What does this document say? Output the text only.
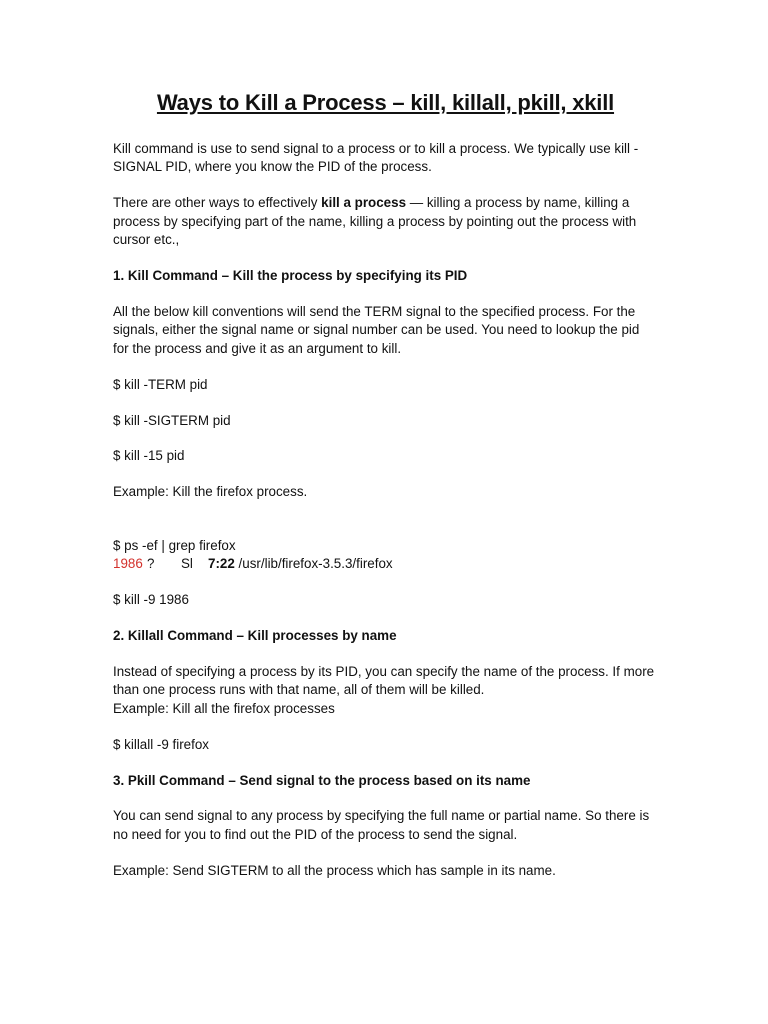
Ways to Kill a Process – kill, killall, pkill, xkill

Kill command is use to send signal to a process or to kill a process. We typically use kill -SIGNAL PID, where you know the PID of the process.

There are other ways to effectively kill a process — killing a process by name, killing a process by specifying part of the name, killing a process by pointing out the process with cursor etc.,

1. Kill Command – Kill the process by specifying its PID

All the below kill conventions will send the TERM signal to the specified process. For the signals, either the signal name or signal number can be used. You need to lookup the pid for the process and give it as an argument to kill.

$ kill -TERM pid

$ kill -SIGTERM pid

$ kill -15 pid

Example: Kill the firefox process.

$ ps -ef | grep firefox

1986 ? Sl 7:22 /usr/lib/firefox-3.5.3/firefox

$ kill -9 1986

2. Killall Command – Kill processes by name

Instead of specifying a process by its PID, you can specify the name of the process. If more than one process runs with that name, all of them will be killed.

Example: Kill all the firefox processes

$ killall -9 firefox

3. Pkill Command – Send signal to the process based on its name

You can send signal to any process by specifying the full name or partial name. So there is no need for you to find out the PID of the process to send the signal.

Example: Send SIGTERM to all the process which has sample in its name.
